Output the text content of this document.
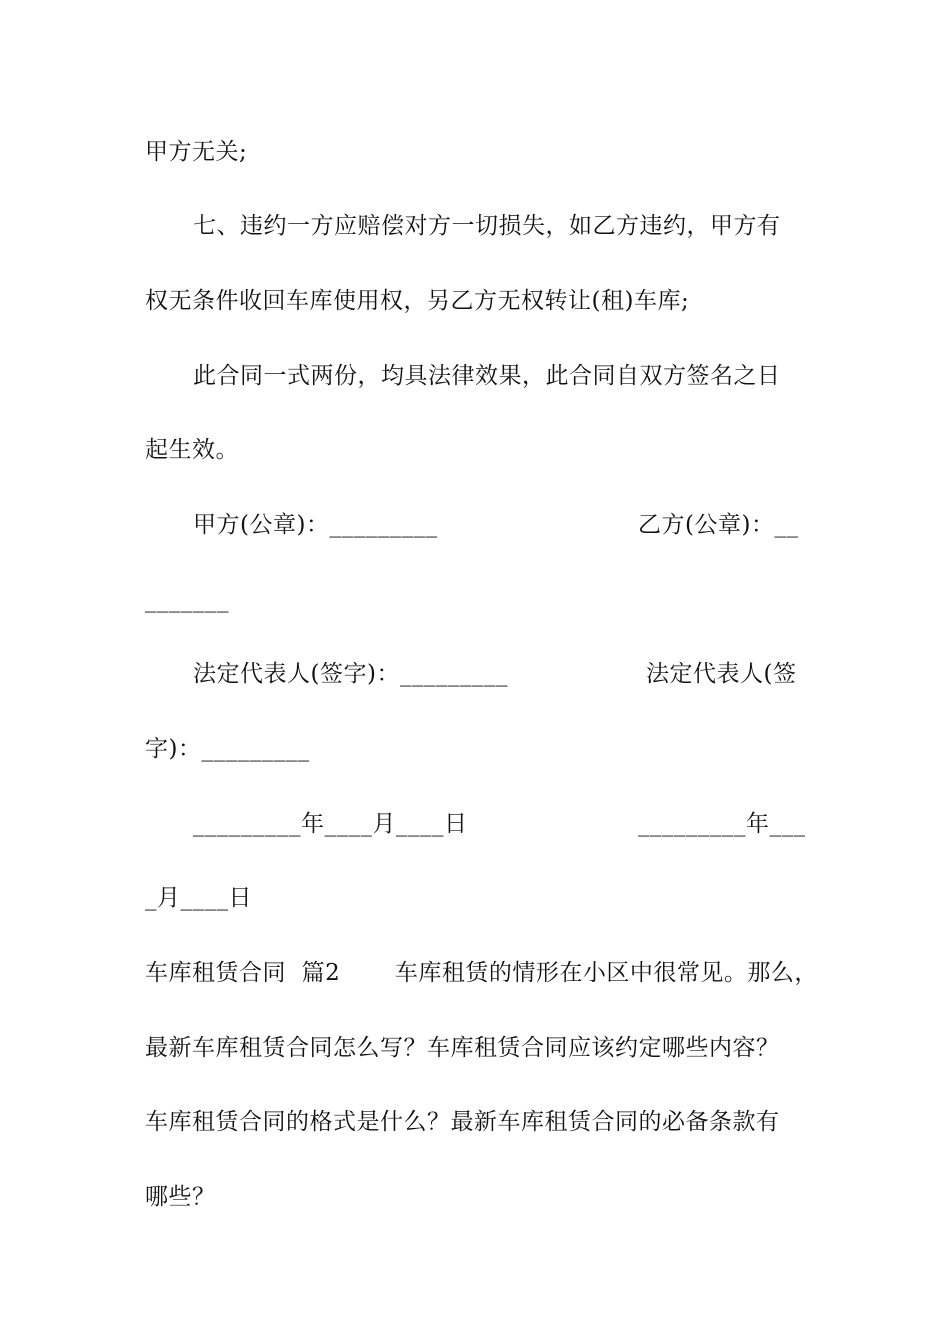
甲方无关;
七、违约一方应赔偿对方一切损失，如乙方违约，甲方有
权无条件收回车库使用权，另乙方无权转让(租)车库;
此合同一式两份，均具法律效果，此合同自双方签名之日
起生效。
甲方(公章)：_________	乙方(公章)：__
_______
法定代表人(签字)：_________	法定代表人(签
字)：_________
_________年____月____日	_________年___
_月____日
车库租赁合同  篇2       车库租赁的情形在小区中很常见。那么，
最新车库租赁合同怎么写？车库租赁合同应该约定哪些内容？
车库租赁合同的格式是什么？最新车库租赁合同的必备条款有
哪些？
